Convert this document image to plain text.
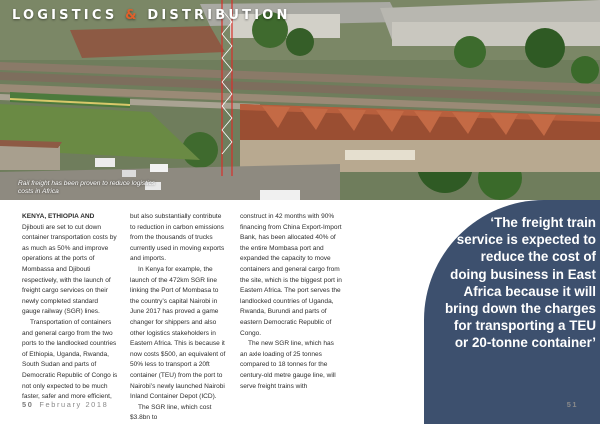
LOGISTICS & DISTRIBUTION
Rail freight has been proven to reduce logistics costs in Africa

KENYA, ETHIOPIA AND Djibouti are set to cut down container transportation costs by as much as 50% and improve operations at the ports of Mombassa and Djibouti respectively, with the launch of freight cargo services on their newly completed standard gauge railway (SGR) lines.

Transportation of containers and general cargo from the two ports to the landlocked countries of Ethiopia, Uganda, Rwanda, South Sudan and parts of Democratic Republic of Congo is not only expected to be much faster, safer and more efficient,

but also substantially contribute to reduction in carbon emissions from the thousands of trucks currently used in moving exports and imports.

In Kenya for example, the launch of the 472km SGR line linking the Port of Mombasa to the country’s capital Nairobi in June 2017 has proved a game changer for shippers and also other logistics stakeholders in Eastern Africa. This is because it now costs $500, an equivalent of 50% less to transport a 20ft container (TEU) from the port to Nairobi’s newly launched Nairobi Inland Container Depot (ICD).

The SGR line, which cost $3.8bn to

construct in 42 months with 90% financing from China Export-Import Bank, has been allocated 40% of the entire Mombasa port and expanded the capacity to move containers and general cargo from the site, which is the biggest port in Eastern Africa. The port serves the landlocked countries of Uganda, Rwanda, Burundi and parts of eastern Democratic Republic of Congo.

The new SGR line, which has an axle loading of 25 tonnes compared to 18 tonnes for the century-old metre gauge line, will serve freight trains with

‘The freight train service is expected to reduce the cost of doing business in East Africa because it will bring down the charges for transporting a TEU or 20-tonne container’
50 February 2018	51
